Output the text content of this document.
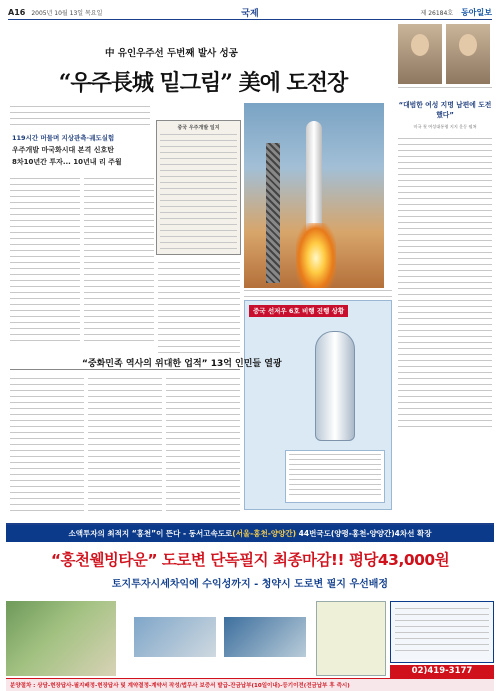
A16 2005년 10월 13일 목요일	국제	제 26184호 동아일보
中 유인우주선 두번째 발사 성공
“우주長城 밑그림” 美에 도전장
119시간 머물며 지상관측·궤도실험
우주개발 마국화시대 본격 신호탄
8차10년간 투자... 10년내 리 주월
중국 우주개발 일지
중국 선저우 6호 비행 진행 상황
“중화민족 역사의 위대한 업적” 13억 인민들 열광
“대범한 여성 지명 남편에 도전했다”
미국 첫 여성대통령 지지 운동 펼쳐
소액투자의 최적지 “홍천”이 뜬다 - 동서고속도로(서울-홍천-양양간) 44번국도(양평-홍천-양양간)4차선 확장
“홍천웰빙타운” 도로변 단독필지 최종마감!! 평당43,000원
토지투자시세차익에 수익성까지 - 청약시 도로변 필지 우선배정
02)419-3177
분양절차 : 상담-현장답사-필지배정-현장답사 및 계약결정-계약서 작성/법무사 보증서 발급-잔금납부(10일이내)-등기이전(전금납부 후 즉시)
